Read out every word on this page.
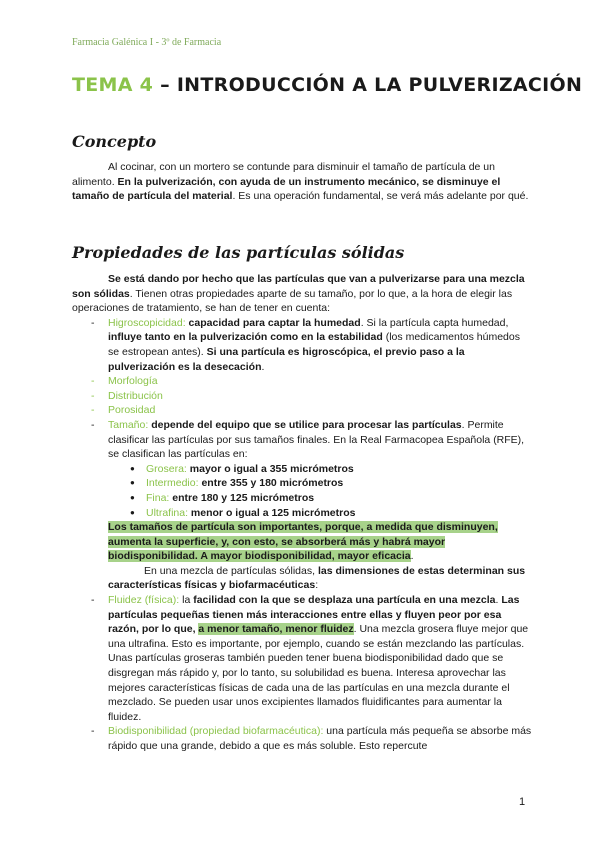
Farmacia Galénica I - 3º de Farmacia
TEMA 4 – INTRODUCCIÓN A LA PULVERIZACIÓN
Concepto

Al cocinar, con un mortero se contunde para disminuir el tamaño de partícula de un alimento. En la pulverización, con ayuda de un instrumento mecánico, se disminuye el tamaño de partícula del material. Es una operación fundamental, se verá más adelante por qué.

Propiedades de las partículas sólidas

Se está dando por hecho que las partículas que van a pulverizarse para una mezcla son sólidas. Tienen otras propiedades aparte de su tamaño, por lo que, a la hora de elegir las operaciones de tratamiento, se han de tener en cuenta:

- Higroscopicidad: capacidad para captar la humedad. Si la partícula capta humedad, influye tanto en la pulverización como en la estabilidad (los medicamentos húmedos se estropean antes). Si una partícula es higroscópica, el previo paso a la pulverización es la desecación.
- Morfología
- Distribución
- Porosidad
- Tamaño: depende del equipo que se utilice para procesar las partículas. Permite clasificar las partículas por sus tamaños finales. En la Real Farmacopea Española (RFE), se clasifican las partículas en:
● Grosera: mayor o igual a 355 micrómetros
● Intermedio: entre 355 y 180 micrómetros
● Fina: entre 180 y 125 micrómetros
● Ultrafina: menor o igual a 125 micrómetros

Los tamaños de partícula son importantes, porque, a medida que disminuyen, aumenta la superficie, y, con esto, se absorberá más y habrá mayor biodisponibilidad. A mayor biodisponibilidad, mayor eficacia.

En una mezcla de partículas sólidas, las dimensiones de estas determinan sus características físicas y biofarmacéuticas:

- Fluidez (física): la facilidad con la que se desplaza una partícula en una mezcla. Las partículas pequeñas tienen más interacciones entre ellas y fluyen peor por esa razón, por lo que, a menor tamaño, menor fluidez. Una mezcla grosera fluye mejor que una ultrafina. Esto es importante, por ejemplo, cuando se están mezclando las partículas. Unas partículas groseras también pueden tener buena biodisponibilidad dado que se disgregan más rápido y, por lo tanto, su solubilidad es buena. Interesa aprovechar las mejores características físicas de cada una de las partículas en una mezcla durante el mezclado. Se pueden usar unos excipientes llamados fluidificantes para aumentar la fluidez.
- Biodisponibilidad (propiedad biofarmacéutica): una partícula más pequeña se absorbe más rápido que una grande, debido a que es más soluble. Esto repercute
1
